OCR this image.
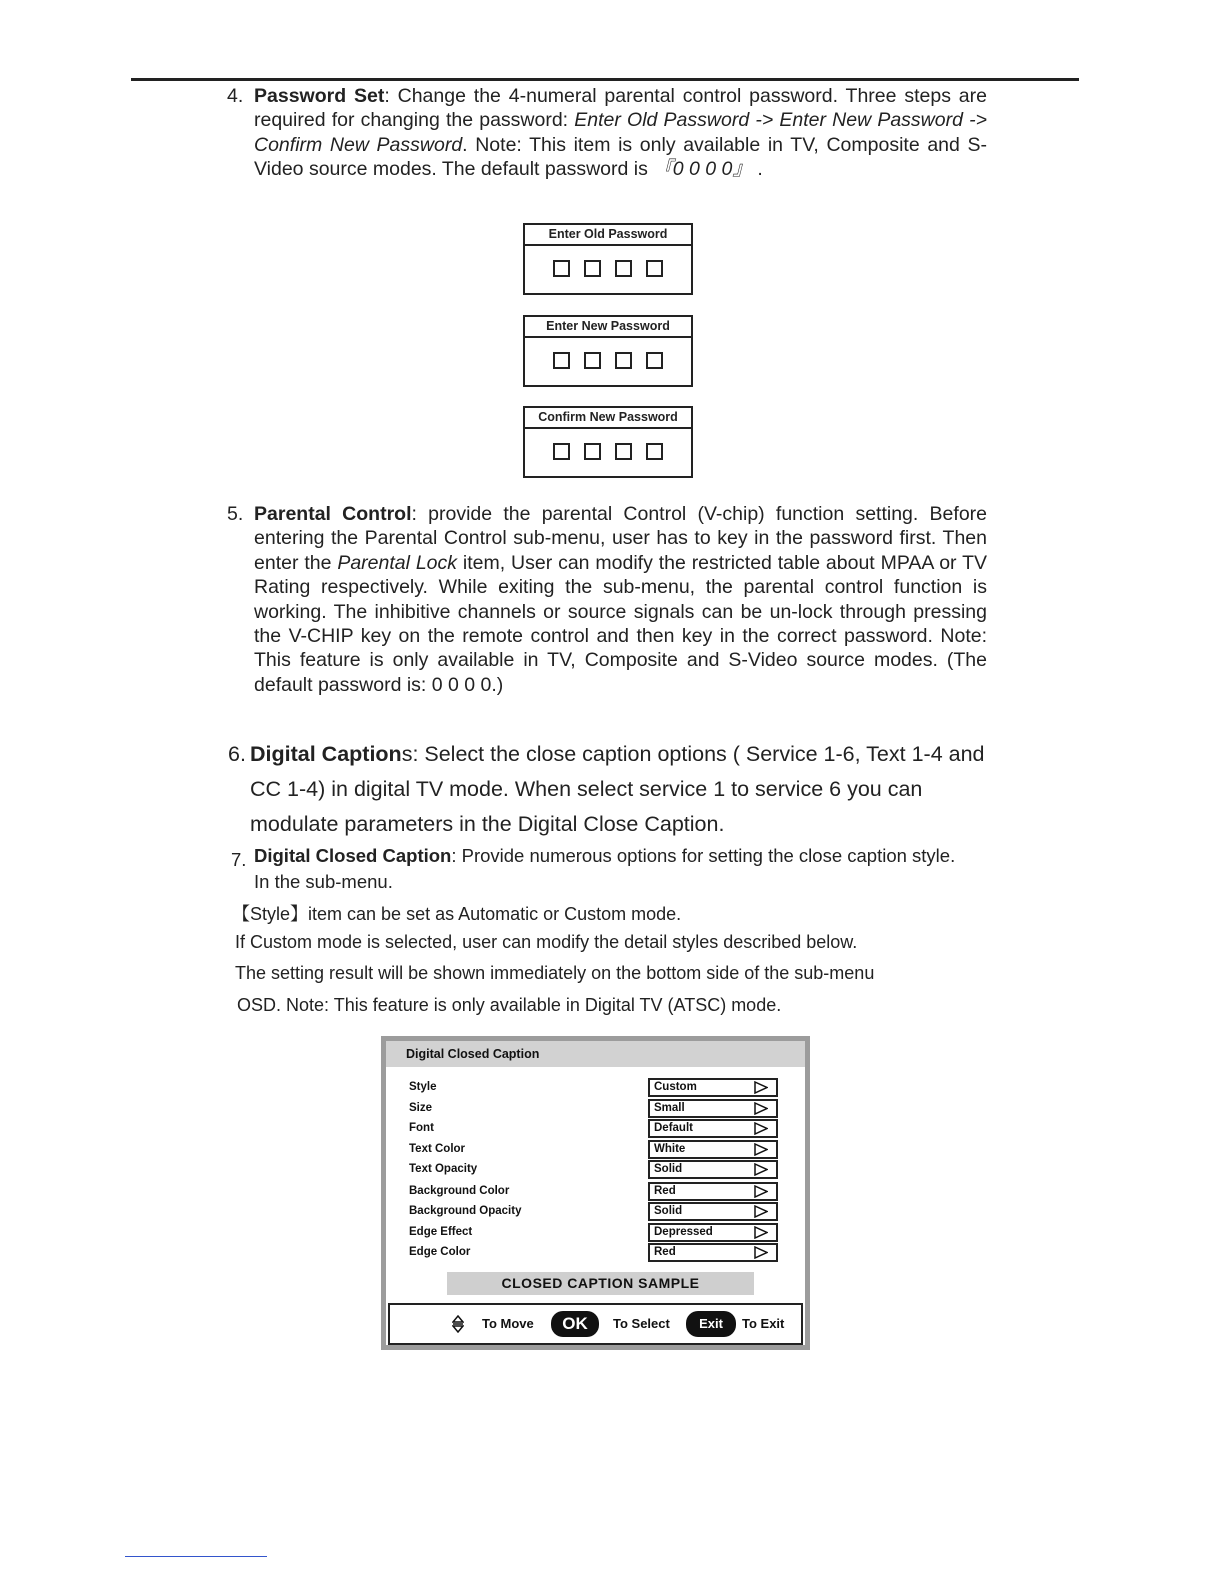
4. Password Set: Change the 4-numeral parental control password. Three steps are required for changing the password: Enter Old Password -> Enter New Password -> Confirm New Password. Note: This item is only available in TV, Composite and S-Video source modes. The default password is 『0 0 0 0』 .

Enter Old Password
Enter New Password
Confirm New Password
5. Parental Control: provide the parental Control (V-chip) function setting. Before entering the Parental Control sub-menu, user has to key in the password first. Then enter the Parental Lock item, User can modify the restricted table about MPAA or TV Rating respectively. While exiting the sub-menu, the parental control function is working. The inhibitive channels or source signals can be un-lock through pressing the V-CHIP key on the remote control and then key in the correct password. Note: This feature is only available in TV, Composite and S-Video source modes. (The default password is: 0 0 0 0.)

6. Digital Captions: Select the close caption options ( Service 1-6, Text 1-4 and CC 1-4) in digital TV mode. When select service 1 to service 6 you can modulate parameters in the Digital Close Caption.

7. Digital Closed Caption: Provide numerous options for setting the close caption style. In the sub-menu.

【Style】item can be set as Automatic or Custom mode.
If Custom mode is selected, user can modify the detail styles described below.
The setting result will be shown immediately on the bottom side of the sub-menu
OSD. Note: This feature is only available in Digital TV (ATSC) mode.
Digital Closed Caption
Style	Custom
Size	Small
Font	Default
Text Color	White
Text Opacity	Solid
Background Color	Red
Background Opacity	Solid
Edge Effect	Depressed
Edge Color	Red
CLOSED CAPTION SAMPLE
To Move	OK	To Select	Exit	To Exit
